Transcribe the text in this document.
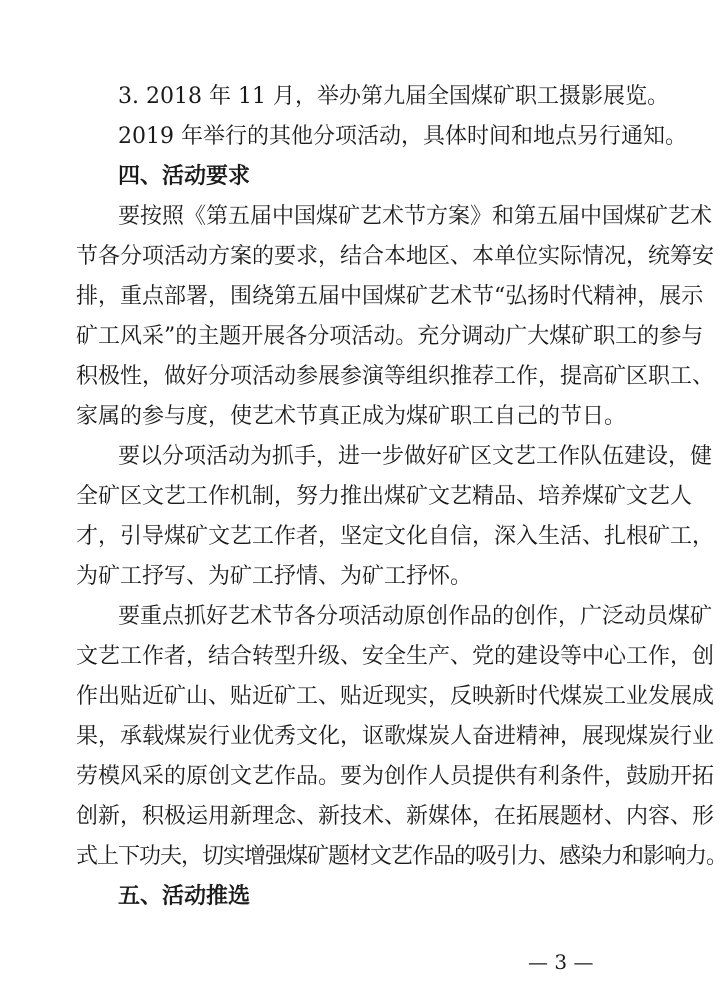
3. 2018 年 11 月，举办第九届全国煤矿职工摄影展览。
2019 年举行的其他分项活动，具体时间和地点另行通知。
四、活动要求
要按照《第五届中国煤矿艺术节方案》和第五届中国煤矿艺术
节各分项活动方案的要求，结合本地区、本单位实际情况，统筹安
排，重点部署，围绕第五届中国煤矿艺术节“弘扬时代精神，展示
矿工风采”的主题开展各分项活动。充分调动广大煤矿职工的参与
积极性，做好分项活动参展参演等组织推荐工作，提高矿区职工、
家属的参与度，使艺术节真正成为煤矿职工自己的节日。
要以分项活动为抓手，进一步做好矿区文艺工作队伍建设，健
全矿区文艺工作机制，努力推出煤矿文艺精品、培养煤矿文艺人
才，引导煤矿文艺工作者，坚定文化自信，深入生活、扎根矿工，
为矿工抒写、为矿工抒情、为矿工抒怀。
要重点抓好艺术节各分项活动原创作品的创作，广泛动员煤矿
文艺工作者，结合转型升级、安全生产、党的建设等中心工作，创
作出贴近矿山、贴近矿工、贴近现实，反映新时代煤炭工业发展成
果，承载煤炭行业优秀文化，讴歌煤炭人奋进精神，展现煤炭行业
劳模风采的原创文艺作品。要为创作人员提供有利条件，鼓励开拓
创新，积极运用新理念、新技术、新媒体，在拓展题材、内容、形
式上下功夫，切实增强煤矿题材文艺作品的吸引力、感染力和影响力。
五、活动推选
— 3 —
